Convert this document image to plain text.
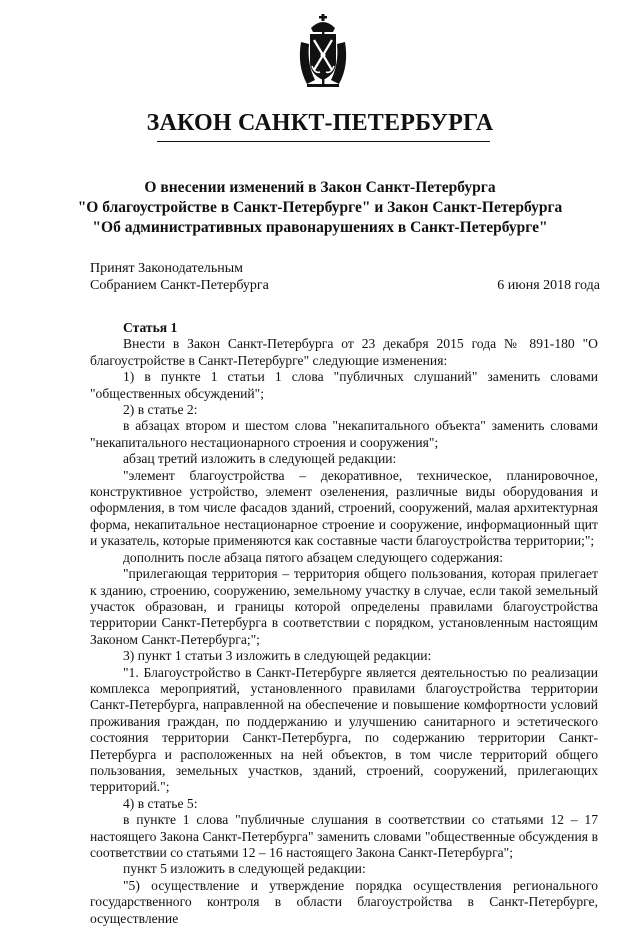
ЗАКОН САНКТ-ПЕТЕРБУРГА
О внесении изменений в Закон Санкт-Петербурга
"О благоустройстве в Санкт-Петербурге" и Закон Санкт-Петербурга
"Об административных правонарушениях в Санкт-Петербурге"
Принят Законодательным
Собранием Санкт-Петербурга	6 июня 2018 года

Статья 1

Внести в Закон Санкт-Петербурга от 23 декабря 2015 года № 891-180 "О благоустройстве в Санкт-Петербурге" следующие изменения:

1) в пункте 1 статьи 1 слова "публичных слушаний" заменить словами "общественных обсуждений";

2) в статье 2:

в абзацах втором и шестом слова "некапитального объекта" заменить словами "некапитального нестационарного строения и сооружения";

абзац третий изложить в следующей редакции:

"элемент благоустройства – декоративное, техническое, планировочное, конструктивное устройство, элемент озеленения, различные виды оборудования и оформления, в том числе фасадов зданий, строений, сооружений, малая архитектурная форма, некапитальное нестационарное строение и сооружение, информационный щит и указатель, которые применяются как составные части благоустройства территории;";

дополнить после абзаца пятого абзацем следующего содержания:

"прилегающая территория – территория общего пользования, которая прилегает к зданию, строению, сооружению, земельному участку в случае, если такой земельный участок образован, и границы которой определены правилами благоустройства территории Санкт-Петербурга в соответствии с порядком, установленным настоящим Законом Санкт-Петербурга;";

3) пункт 1 статьи 3 изложить в следующей редакции:

"1. Благоустройство в Санкт-Петербурге является деятельностью по реализации комплекса мероприятий, установленного правилами благоустройства территории Санкт-Петербурга, направленной на обеспечение и повышение комфортности условий проживания граждан, по поддержанию и улучшению санитарного и эстетического состояния территории Санкт-Петербурга, по содержанию территории Санкт-Петербурга и расположенных на ней объектов, в том числе территорий общего пользования, земельных участков, зданий, строений, сооружений, прилегающих территорий.";

4) в статье 5:

в пункте 1 слова "публичные слушания в соответствии со статьями 12 – 17 настоящего Закона Санкт-Петербурга" заменить словами "общественные обсуждения в соответствии со статьями 12 – 16 настоящего Закона Санкт-Петербурга";

пункт 5 изложить в следующей редакции:

"5) осуществление и утверждение порядка осуществления регионального государственного контроля в области благоустройства в Санкт-Петербурге, осуществление
